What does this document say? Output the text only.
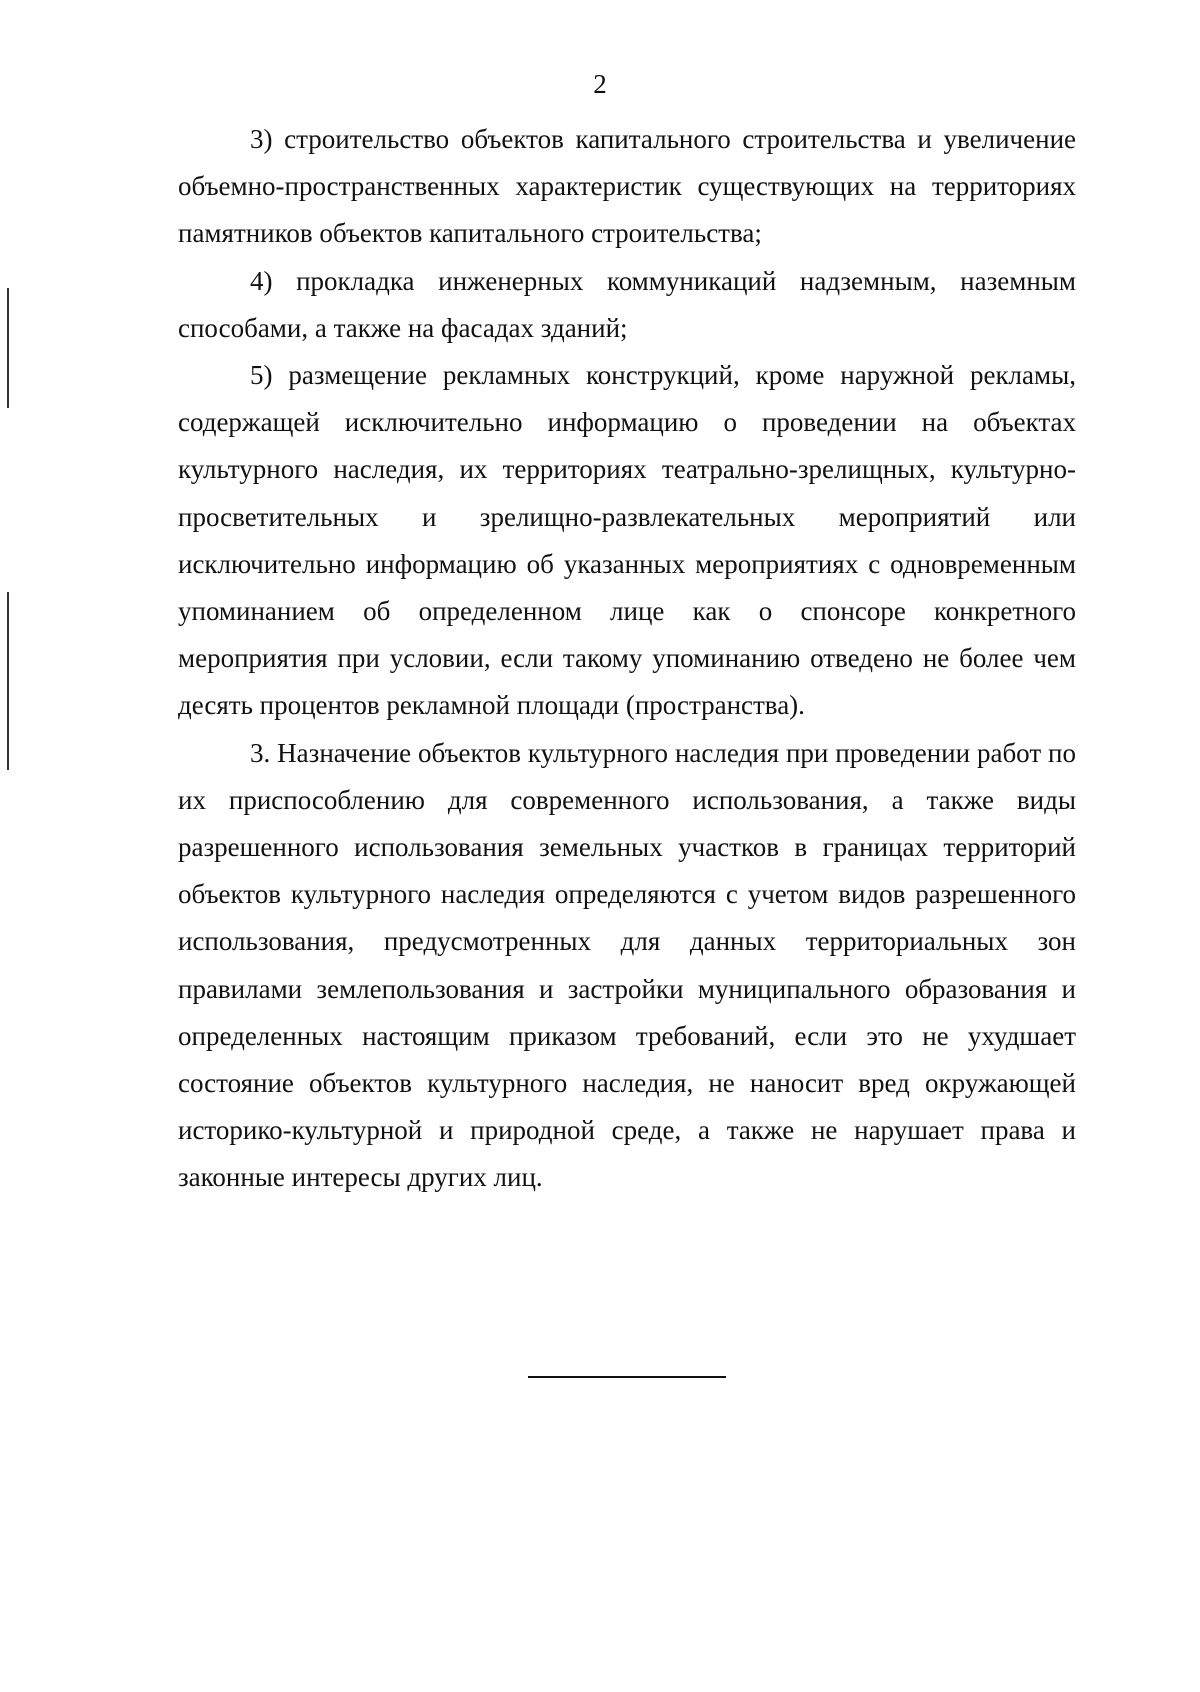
2

3) строительство объектов капитального строительства и увеличение объемно-пространственных характеристик существующих на территориях памятников объектов капитального строительства;

4) прокладка инженерных коммуникаций надземным, наземным способами, а также на фасадах зданий;

5) размещение рекламных конструкций, кроме наружной рекламы, содержащей исключительно информацию о проведении на объектах культурного наследия, их территориях театрально-зрелищных, культурно-просветительных и зрелищно-развлекательных мероприятий или исключительно информацию об указанных мероприятиях с одновременным упоминанием об определенном лице как о спонсоре конкретного мероприятия при условии, если такому упоминанию отведено не более чем десять процентов рекламной площади (пространства).

3. Назначение объектов культурного наследия при проведении работ по их приспособлению для современного использования, а также виды разрешенного использования земельных участков в границах территорий объектов культурного наследия определяются с учетом видов разрешенного использования, предусмотренных для данных территориальных зон правилами землепользования и застройки муниципального образования и определенных настоящим приказом требований, если это не ухудшает состояние объектов культурного наследия, не наносит вред окружающей историко-культурной и природной среде, а также не нарушает права и законные интересы других лиц.
